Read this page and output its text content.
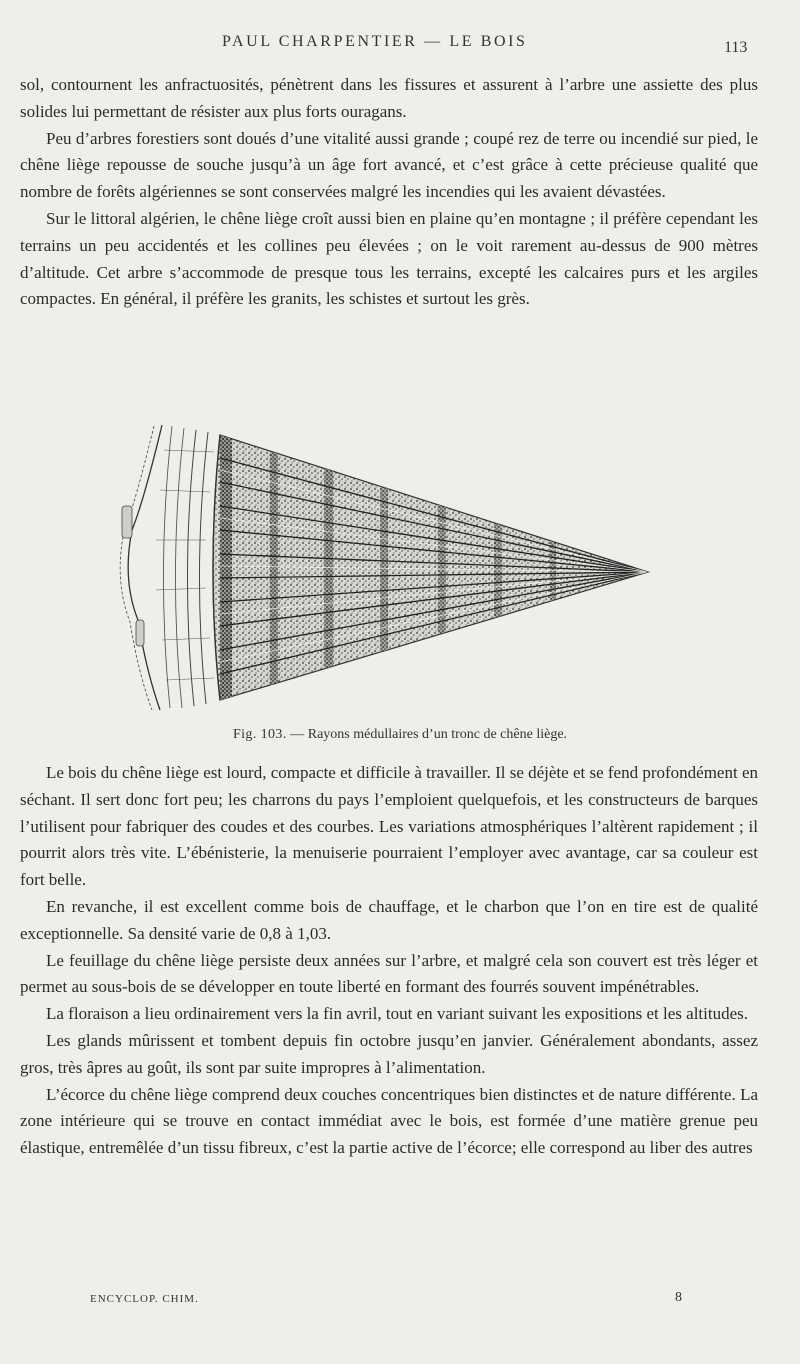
PAUL CHARPENTIER — LE BOIS	113

sol, contournent les anfractuosités, pénètrent dans les fissures et assurent à l’arbre une assiette des plus solides lui permettant de résister aux plus forts ouragans.

Peu d’arbres forestiers sont doués d’une vitalité aussi grande ; coupé rez de terre ou incendié sur pied, le chêne liège repousse de souche jusqu’à un âge fort avancé, et c’est grâce à cette précieuse qualité que nombre de forêts algériennes se sont conservées malgré les incendies qui les avaient dévastées.

Sur le littoral algérien, le chêne liège croît aussi bien en plaine qu’en montagne ; il préfère cependant les terrains un peu accidentés et les collines peu élevées ; on le voit rarement au-dessus de 900 mètres d’altitude. Cet arbre s’accommode de presque tous les terrains, excepté les calcaires purs et les argiles compactes. En général, il préfère les granits, les schistes et surtout les grès.

Fig. 103. — Rayons médullaires d’un tronc de chêne liège.

Le bois du chêne liège est lourd, compacte et difficile à travailler. Il se déjète et se fend profondément en séchant. Il sert donc fort peu; les charrons du pays l’emploient quelquefois, et les constructeurs de barques l’utilisent pour fabriquer des coudes et des courbes. Les variations atmosphériques l’altèrent rapidement ; il pourrit alors très vite. L’ébénisterie, la menuiserie pourraient l’employer avec avantage, car sa couleur est fort belle.

En revanche, il est excellent comme bois de chauffage, et le charbon que l’on en tire est de qualité exceptionnelle. Sa densité varie de 0,8 à 1,03.

Le feuillage du chêne liège persiste deux années sur l’arbre, et malgré cela son couvert est très léger et permet au sous-bois de se développer en toute liberté en formant des fourrés souvent impénétrables.

La floraison a lieu ordinairement vers la fin avril, tout en variant suivant les expositions et les altitudes.

Les glands mûrissent et tombent depuis fin octobre jusqu’en janvier. Généralement abondants, assez gros, très âpres au goût, ils sont par suite impropres à l’alimentation.

L’écorce du chêne liège comprend deux couches concentriques bien distinctes et de nature différente. La zone intérieure qui se trouve en contact immédiat avec le bois, est formée d’une matière grenue peu élastique, entremêlée d’un tissu fibreux, c’est la partie active de l’écorce; elle correspond au liber des autres

ENCYCLOP. CHIM.	8
